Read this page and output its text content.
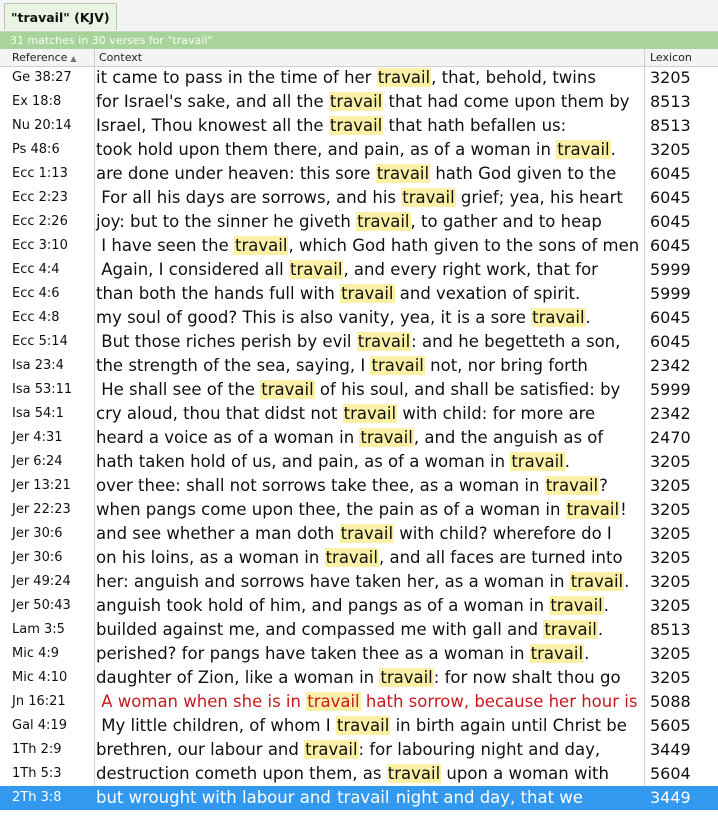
"travail" (KJV)
31 matches in 30 verses for "travail"
Reference ▲	Context	Lexicon
Ge 38:27	it came to pass in the time of her travail, that, behold, twins	3205
Ex 18:8	for Israel's sake, and all the travail that had come upon them by	8513
Nu 20:14	Israel, Thou knowest all the travail that hath befallen us:	8513
Ps 48:6	took hold upon them there, and pain, as of a woman in travail.	3205
Ecc 1:13	are done under heaven: this sore travail hath God given to the	6045
Ecc 2:23	For all his days are sorrows, and his travail grief; yea, his heart	6045
Ecc 2:26	joy: but to the sinner he giveth travail, to gather and to heap	6045
Ecc 3:10	I have seen the travail, which God hath given to the sons of men 6045
Ecc 4:4	Again, I considered all travail, and every right work, that for	5999
Ecc 4:6	than both the hands full with travail and vexation of spirit.	5999
Ecc 4:8	my soul of good? This is also vanity, yea, it is a sore travail.	6045
Ecc 5:14	But those riches perish by evil travail: and he begetteth a son,	6045
Isa 23:4	the strength of the sea, saying, I travail not, nor bring forth	2342
Isa 53:11	He shall see of the travail of his soul, and shall be satisfied: by	5999
Isa 54:1	cry aloud, thou that didst not travail with child: for more are	2342
Jer 4:31	heard a voice as of a woman in travail, and the anguish as of	2470
Jer 6:24	hath taken hold of us, and pain, as of a woman in travail.	3205
Jer 13:21	over thee: shall not sorrows take thee, as a woman in travail?	3205
Jer 22:23	when pangs come upon thee, the pain as of a woman in travail!	3205
Jer 30:6	and see whether a man doth travail with child? wherefore do I	3205
Jer 30:6	on his loins, as a woman in travail, and all faces are turned into	3205
Jer 49:24	her: anguish and sorrows have taken her, as a woman in travail.	3205
Jer 50:43	anguish took hold of him, and pangs as of a woman in travail.	3205
Lam 3:5	builded against me, and compassed me with gall and travail.	8513
Mic 4:9	perished? for pangs have taken thee as a woman in travail.	3205
Mic 4:10	daughter of Zion, like a woman in travail: for now shalt thou go	3205
Jn 16:21	A woman when she is in travail hath sorrow, because her hour is 5088
Gal 4:19	My little children, of whom I travail in birth again until Christ be	5605
1Th 2:9	brethren, our labour and travail: for labouring night and day,	3449
1Th 5:3	destruction cometh upon them, as travail upon a woman with	5604
2Th 3:8	but wrought with labour and travail night and day, that we	3449
